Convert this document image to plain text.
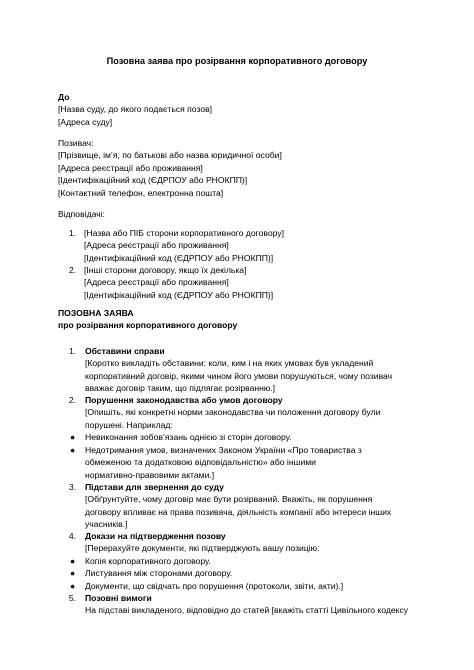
Позовна заява про розірвання корпоративного договору
До
[Назва суду, до якого подається позов]
[Адреса суду]
Позивач:
[Прізвище, ім’я, по батькові або назва юридичної особи]
[Адреса реєстрації або проживання]
[Ідентифікаційний код (ЄДРПОУ або РНОКПП)]
[Контактний телефон, електронна пошта]
Відповідачі:
1. [Назва або ПІБ сторони корпоративного договору]
[Адреса реєстрації або проживання]
[Ідентифікаційний код (ЄДРПОУ або РНОКПП)]
2. [Інші сторони договору, якщо їх декілька]
[Адреса реєстрації або проживання]
[Ідентифікаційний код (ЄДРПОУ або РНОКПП)]
ПОЗОВНА ЗАЯВА
про розірвання корпоративного договору
1. Обставини справи
[Коротко викладіть обставини: коли, ким і на яких умовах був укладений
корпоративний договір, якими чином його умови порушуються, чому позивач
вважає договір таким, що підлягає розірванню.]
2. Порушення законодавства або умов договору
[Опишіть, які конкретні норми законодавства чи положення договору були
порушені. Наприклад:
● Невиконання зобов’язань однією зі сторін договору.
● Недотримання умов, визначених Законом України «Про товариства з
обмеженою та додатковою відповідальністю» або іншими
нормативно-правовими актами.]
3. Підстави для звернення до суду
[Обґрунтуйте, чому договір має бути розірваний. Вкажіть, як порушення
договору впливає на права позивача, діяльність компанії або інтереси інших
учасників.]
4. Докази на підтвердження позову
[Перерахуйте документи, які підтверджують вашу позицію:
● Копія корпоративного договору.
● Листування між сторонами договору.
● Документи, що свідчать про порушення (протоколи, звіти, акти).]
5. Позовні вимоги
На підставі викладеного, відповідно до статей [вкажіть статті Цивільного кодексу
